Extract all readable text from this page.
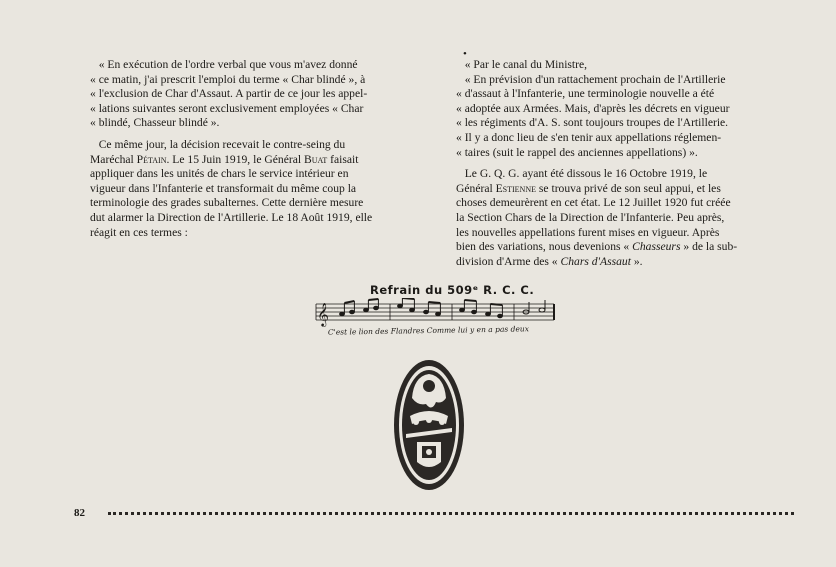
•

« En exécution de l'ordre verbal que vous m'avez donné
« ce matin, j'ai prescrit l'emploi du terme « Char blindé », à
« l'exclusion de Char d'Assaut. A partir de ce jour les appel-
« lations suivantes seront exclusivement employées « Char
« blindé, Chasseur blindé ».

Ce même jour, la décision recevait le contre-seing du
Maréchal Pétain. Le 15 Juin 1919, le Général Buat faisait
appliquer dans les unités de chars le service intérieur en
vigueur dans l'Infanterie et transformait du même coup la
terminologie des grades subalternes. Cette dernière mesure
dut alarmer la Direction de l'Artillerie. Le 18 Août 1919, elle
réagit en ces termes :

« Par le canal du Ministre,

« En prévision d'un rattachement prochain de l'Artillerie
« d'assaut à l'Infanterie, une terminologie nouvelle a été
« adoptée aux Armées. Mais, d'après les décrets en vigueur
« les régiments d'A. S. sont toujours troupes de l'Artillerie.
« Il y a donc lieu de s'en tenir aux appellations réglemen-
« taires (suit le rappel des anciennes appellations) ».

Le G. Q. G. ayant été dissous le 16 Octobre 1919, le
Général Estienne se trouva privé de son seul appui, et les
choses demeurèrent en cet état. Le 12 Juillet 1920 fut créée
la Section Chars de la Direction de l'Infanterie. Peu après,
les nouvelles appellations furent mises en vigueur. Après
bien des variations, nous devenions « Chasseurs » de la sub-
division d'Arme des « Chars d'Assaut ».

Refrain du 509ᵉ R. C. C.
𝄞
C'est le lion des Flandres Comme lui y en a pas deux
82
